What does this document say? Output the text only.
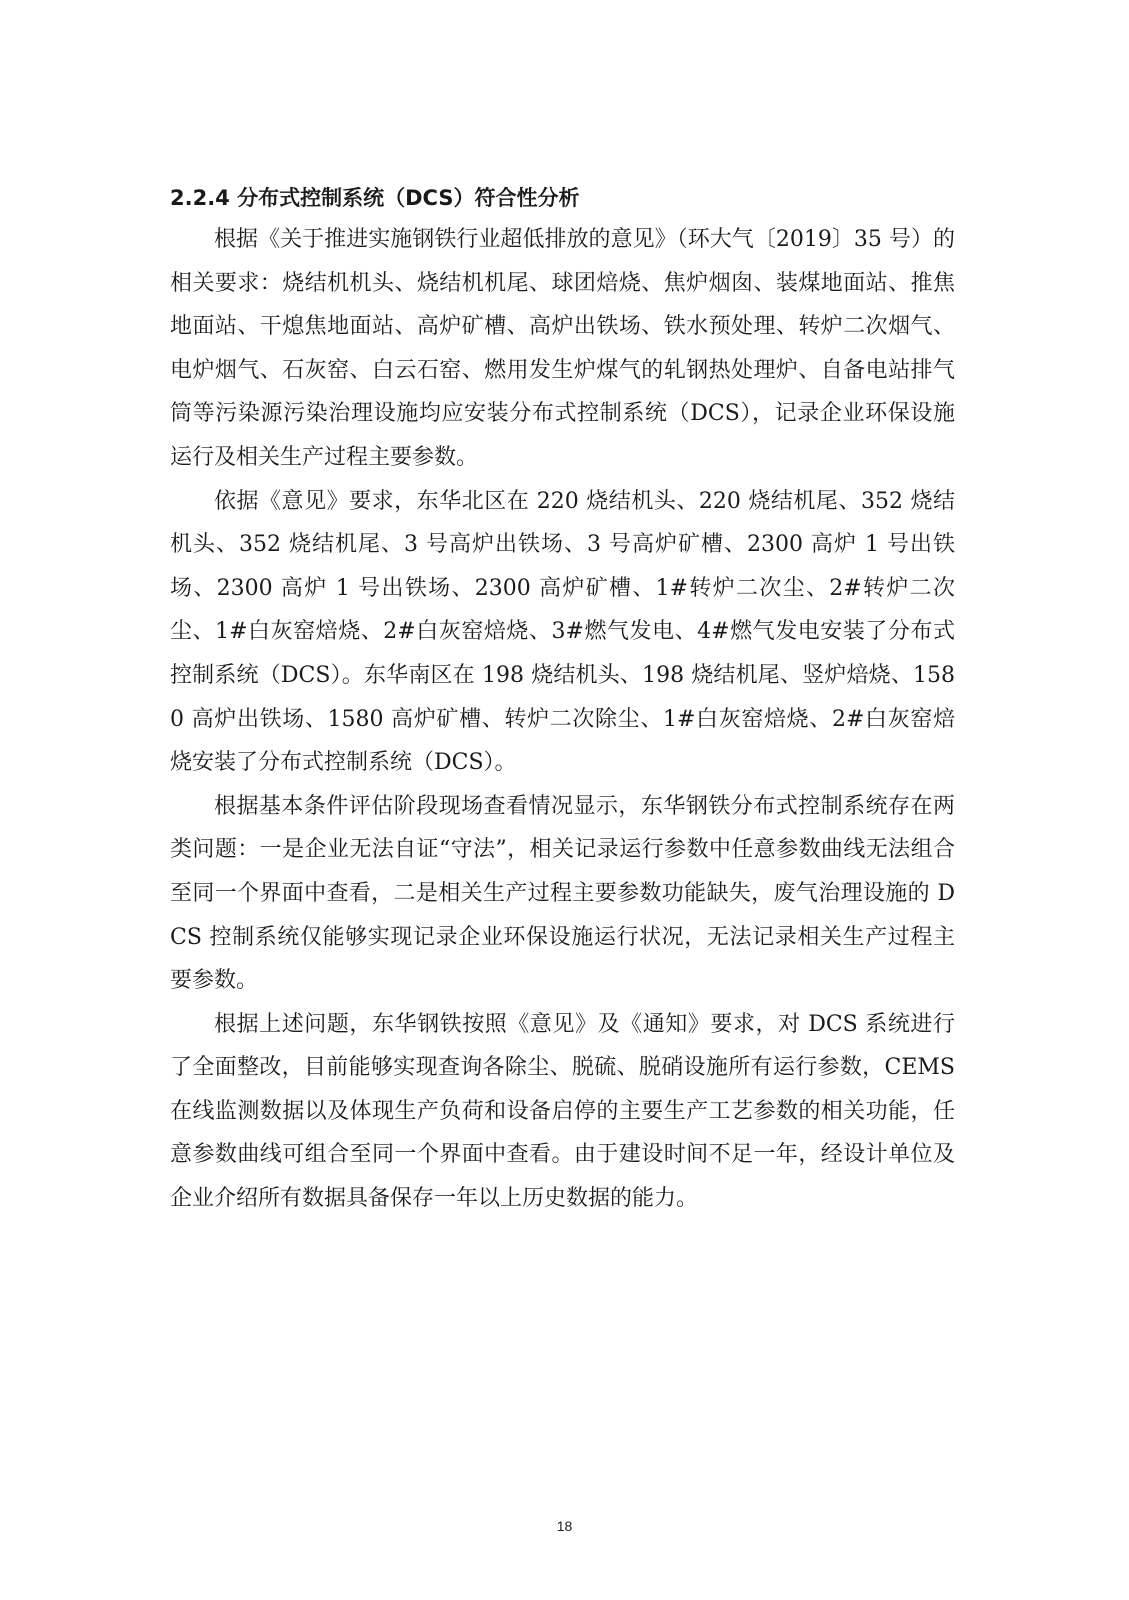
2.2.4 分布式控制系统（DCS）符合性分析

根据《关于推进实施钢铁行业超低排放的意见》（环大气〔2019〕35 号）的相关要求：烧结机机头、烧结机机尾、球团焙烧、焦炉烟囱、装煤地面站、推焦 地面站、干熄焦地面站、高炉矿槽、高炉出铁场、铁水预处理、转炉二次烟气、 电炉烟气、石灰窑、白云石窑、燃用发生炉煤气的轧钢热处理炉、自备电站排气 筒等污染源污染治理设施均应安装分布式控制系统（DCS），记录企业环保设施 运行及相关生产过程主要参数。

依据《意见》要求，东华北区在 220 烧结机头、220 烧结机尾、352 烧结机头、352 烧结机尾、3 号高炉出铁场、3 号高炉矿槽、2300 高炉 1 号出铁场、2300 高炉 1 号出铁场、2300 高炉矿槽、1#转炉二次尘、2#转炉二次尘、1#白灰窑焙烧、2#白灰窑焙烧、3#燃气发电、4#燃气发电安装了分布式控制系统（DCS）。东华南区在 198 烧结机头、198 烧结机尾、竖炉焙烧、1580 高炉出铁场、1580 高炉矿槽、转炉二次除尘、1#白灰窑焙烧、2#白灰窑焙烧安装了分布式控制系统（DCS）。

根据基本条件评估阶段现场查看情况显示，东华钢铁分布式控制系统存在两类问题：一是企业无法自证“守法”，相关记录运行参数中任意参数曲线无法组合至同一个界面中查看，二是相关生产过程主要参数功能缺失，废气治理设施的 DCS 控制系统仅能够实现记录企业环保设施运行状况，无法记录相关生产过程主要参数。

根据上述问题，东华钢铁按照《意见》及《通知》要求，对 DCS 系统进行了全面整改，目前能够实现查询各除尘、脱硫、脱硝设施所有运行参数，CEMS 在线监测数据以及体现生产负荷和设备启停的主要生产工艺参数的相关功能，任意参数曲线可组合至同一个界面中查看。由于建设时间不足一年，经设计单位及企业介绍所有数据具备保存一年以上历史数据的能力。

18
